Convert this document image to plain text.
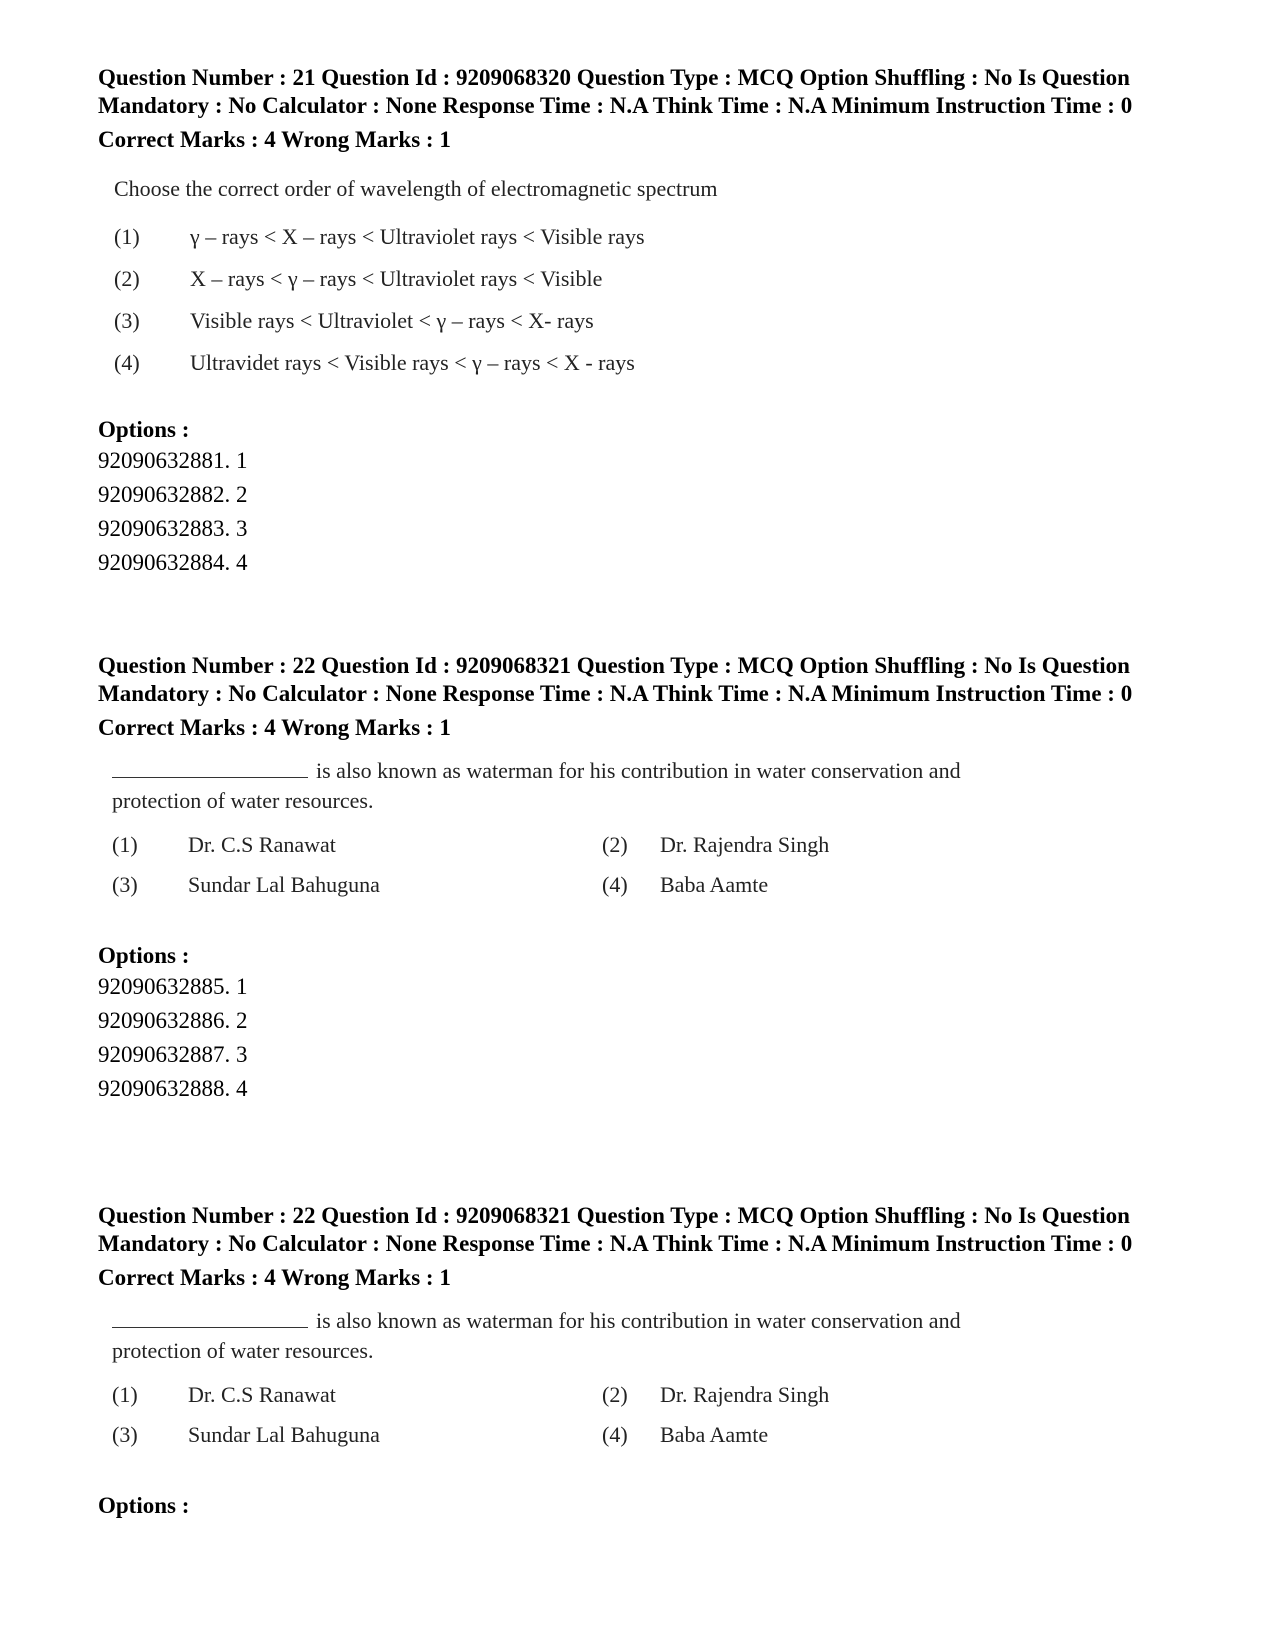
Question Number : 21 Question Id : 9209068320 Question Type : MCQ Option Shuffling : No Is Question Mandatory : No Calculator : None Response Time : N.A Think Time : N.A Minimum Instruction Time : 0

Correct Marks : 4 Wrong Marks : 1

Choose the correct order of wavelength of electromagnetic spectrum

(1)	γ – rays < X – rays < Ultraviolet rays < Visible rays
(2)	X – rays < γ – rays < Ultraviolet rays < Visible
(3)	Visible rays < Ultraviolet < γ – rays < X- rays
(4)	Ultravidet rays < Visible rays < γ – rays < X - rays
Options :
92090632881. 1
92090632882. 2
92090632883. 3
92090632884. 4

Question Number : 22 Question Id : 9209068321 Question Type : MCQ Option Shuffling : No Is Question Mandatory : No Calculator : None Response Time : N.A Think Time : N.A Minimum Instruction Time : 0

Correct Marks : 4 Wrong Marks : 1
is also known as waterman for his contribution in water conservation and
protection of water resources.
(1)	Dr. C.S Ranawat	(2)	Dr. Rajendra Singh
(3)	Sundar Lal Bahuguna	(4)	Baba Aamte
Options :
92090632885. 1
92090632886. 2
92090632887. 3
92090632888. 4

Question Number : 22 Question Id : 9209068321 Question Type : MCQ Option Shuffling : No Is Question Mandatory : No Calculator : None Response Time : N.A Think Time : N.A Minimum Instruction Time : 0

Correct Marks : 4 Wrong Marks : 1
is also known as waterman for his contribution in water conservation and
protection of water resources.
(1)	Dr. C.S Ranawat	(2)	Dr. Rajendra Singh
(3)	Sundar Lal Bahuguna	(4)	Baba Aamte
Options :
